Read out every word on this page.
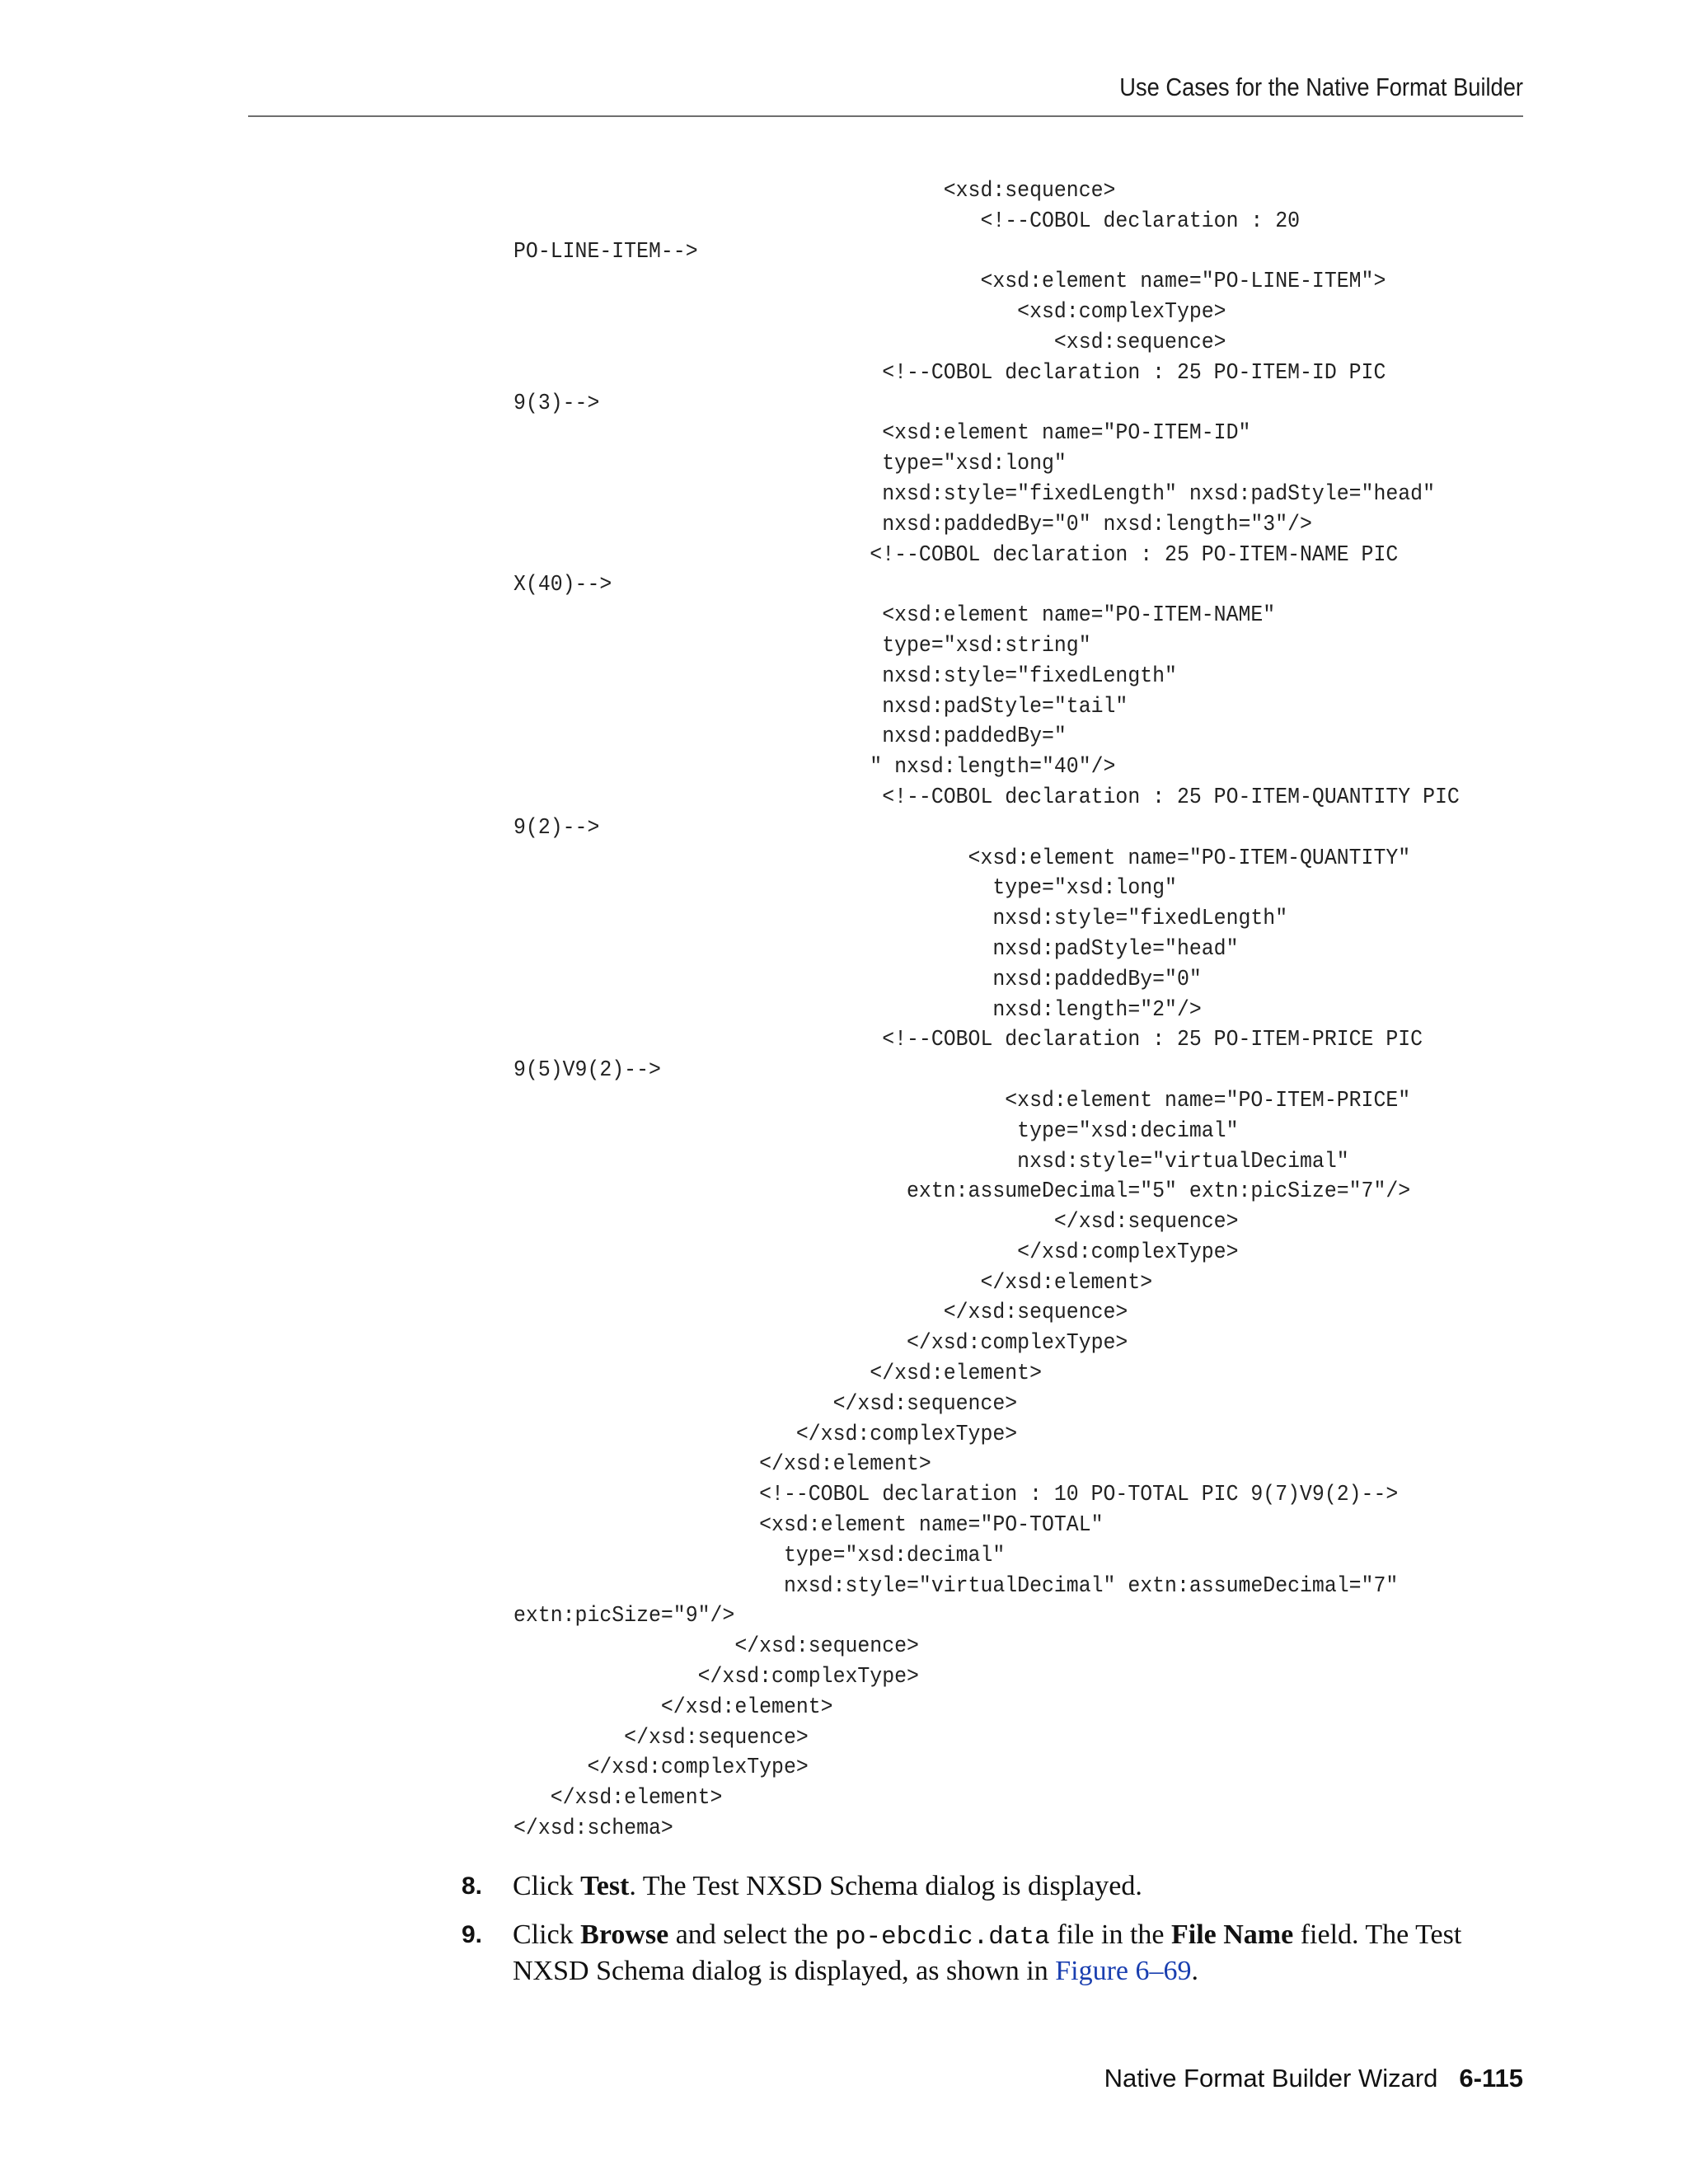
Use Cases for the Native Format Builder
<xsd:sequence>
<!--COBOL declaration : 20
PO-LINE-ITEM-->
<xsd:element name="PO-LINE-ITEM">
<xsd:complexType>
<xsd:sequence>
<!--COBOL declaration : 25 PO-ITEM-ID PIC
9(3)-->
<xsd:element name="PO-ITEM-ID"
type="xsd:long"
nxsd:style="fixedLength" nxsd:padStyle="head"
nxsd:paddedBy="0" nxsd:length="3"/>
<!--COBOL declaration : 25 PO-ITEM-NAME PIC
X(40)-->
<xsd:element name="PO-ITEM-NAME"
type="xsd:string"
nxsd:style="fixedLength"
nxsd:padStyle="tail"
nxsd:paddedBy="
" nxsd:length="40"/>
<!--COBOL declaration : 25 PO-ITEM-QUANTITY PIC
9(2)-->
<xsd:element name="PO-ITEM-QUANTITY"
type="xsd:long"
nxsd:style="fixedLength"
nxsd:padStyle="head"
nxsd:paddedBy="0"
nxsd:length="2"/>
<!--COBOL declaration : 25 PO-ITEM-PRICE PIC
9(5)V9(2)-->
<xsd:element name="PO-ITEM-PRICE"
type="xsd:decimal"
nxsd:style="virtualDecimal"
extn:assumeDecimal="5" extn:picSize="7"/>
</xsd:sequence>
</xsd:complexType>
</xsd:element>
</xsd:sequence>
</xsd:complexType>
</xsd:element>
</xsd:sequence>
</xsd:complexType>
</xsd:element>
<!--COBOL declaration : 10 PO-TOTAL PIC 9(7)V9(2)-->
<xsd:element name="PO-TOTAL"
type="xsd:decimal"
nxsd:style="virtualDecimal" extn:assumeDecimal="7"
extn:picSize="9"/>
</xsd:sequence>
</xsd:complexType>
</xsd:element>
</xsd:sequence>
</xsd:complexType>
</xsd:element>
</xsd:schema>
8. Click Test. The Test NXSD Schema dialog is displayed.
9. Click Browse and select the po-ebcdic.data file in the File Name field. The Test NXSD Schema dialog is displayed, as shown in Figure 6–69.
Native Format Builder Wizard 6-115
